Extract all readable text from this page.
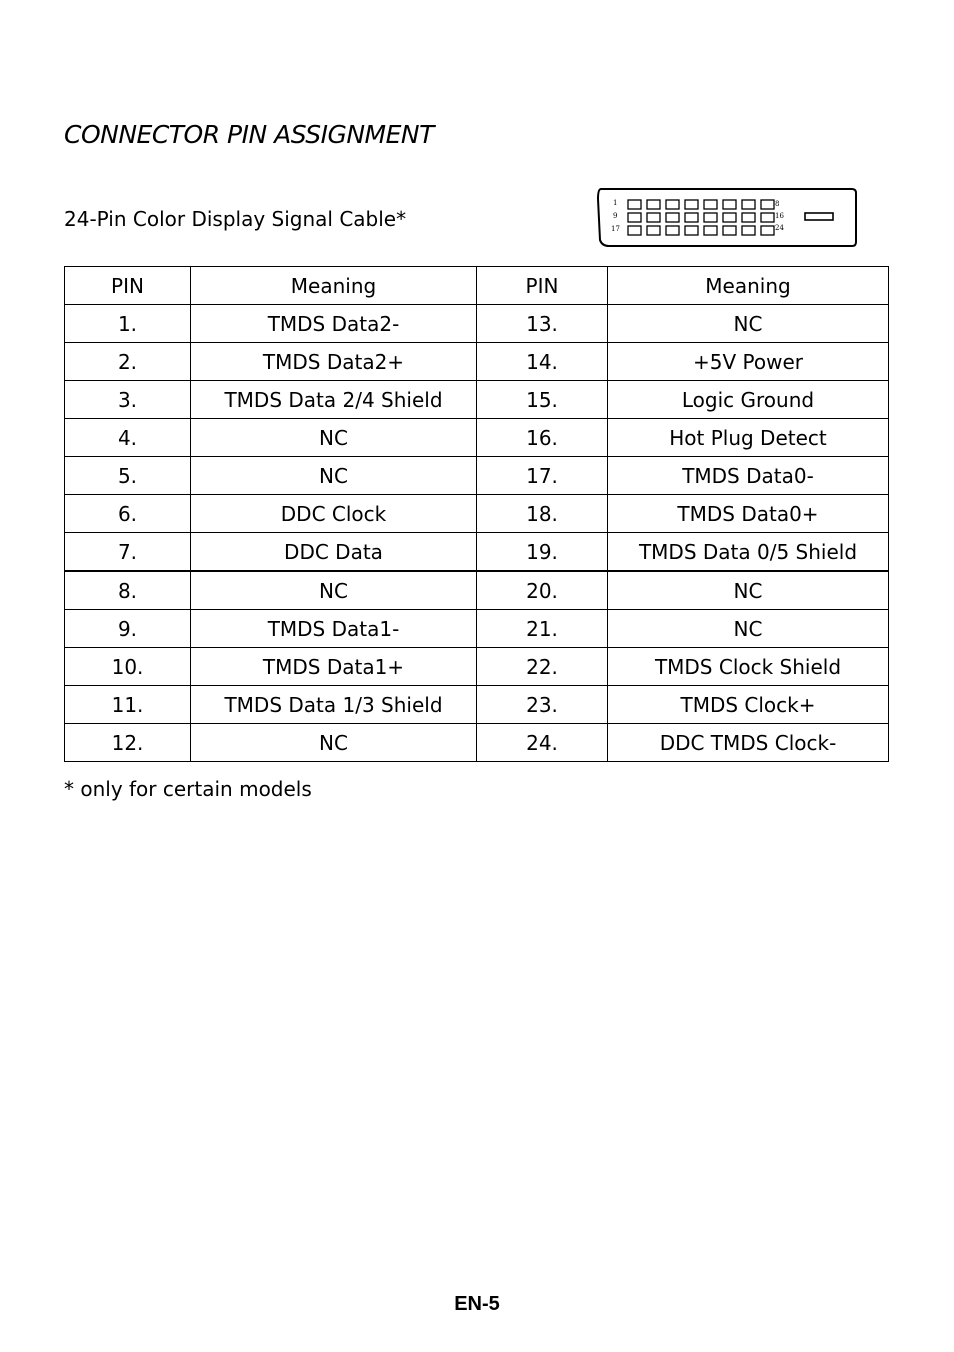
CONNECTOR PIN ASSIGNMENT
24-Pin Color Display Signal Cable*
1
9
17
8
16
24
PIN	Meaning	PIN	Meaning
1.	TMDS Data2-	13.	NC
2.	TMDS Data2+	14.	+5V Power
3.	TMDS Data 2/4 Shield	15.	Logic Ground
4.	NC	16.	Hot Plug Detect
5.	NC	17.	TMDS Data0-
6.	DDC Clock	18.	TMDS Data0+
7.	DDC Data	19.	TMDS Data 0/5 Shield
8.	NC	20.	NC
9.	TMDS Data1-	21.	NC
10.	TMDS Data1+	22.	TMDS Clock Shield
11.	TMDS Data 1/3 Shield	23.	TMDS Clock+
12.	NC	24.	DDC TMDS Clock-
* only for certain models
EN-5
